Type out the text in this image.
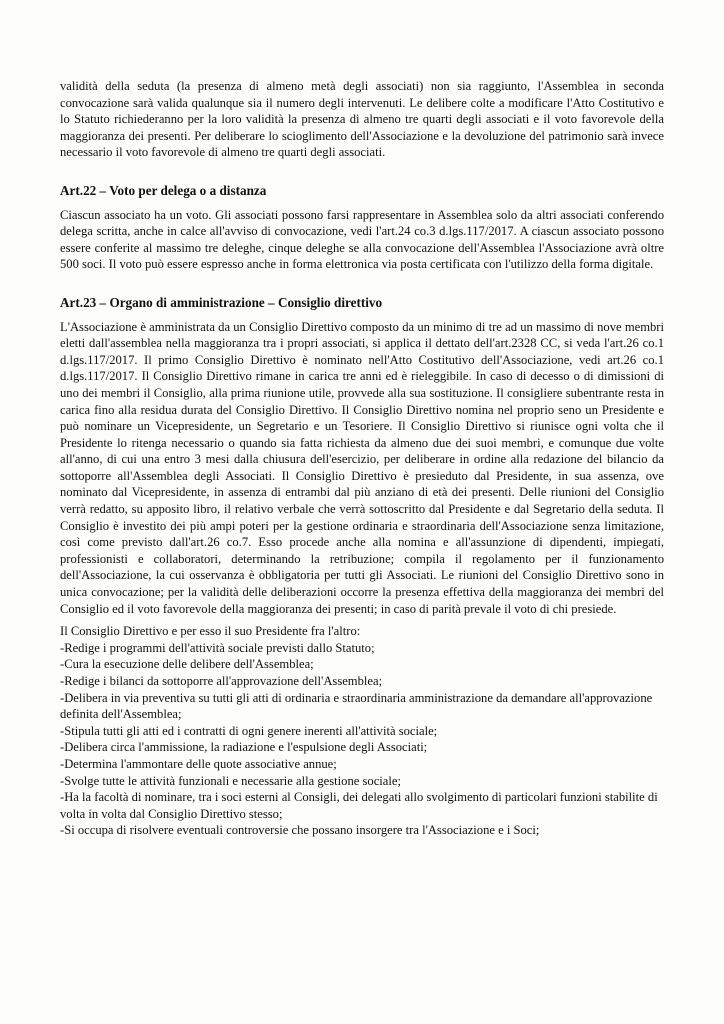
validità della seduta (la presenza di almeno metà degli associati) non sia raggiunto, l'Assemblea in seconda convocazione sarà valida qualunque sia il numero degli intervenuti. Le delibere colte a modificare l'Atto Costitutivo e lo Statuto richiederanno per la loro validità la presenza di almeno tre quarti degli associati e il voto favorevole della maggioranza dei presenti. Per deliberare lo scioglimento dell'Associazione e la devoluzione del patrimonio sarà invece necessario il voto favorevole di almeno tre quarti degli associati.

Art.22 – Voto per delega o a distanza

Ciascun associato ha un voto. Gli associati possono farsi rappresentare in Assemblea solo da altri associati conferendo delega scritta, anche in calce all'avviso di convocazione, vedi l'art.24 co.3 d.lgs.117/2017. A ciascun associato possono essere conferite al massimo tre deleghe, cinque deleghe se alla convocazione dell'Assemblea l'Associazione avrà oltre 500 soci. Il voto può essere espresso anche in forma elettronica via posta certificata con l'utilizzo della forma digitale.

Art.23 – Organo di amministrazione – Consiglio direttivo

L'Associazione è amministrata da un Consiglio Direttivo composto da un minimo di tre ad un massimo di nove membri eletti dall'assemblea nella maggioranza tra i propri associati, si applica il dettato dell'art.2328 CC, si veda l'art.26 co.1 d.lgs.117/2017. Il primo Consiglio Direttivo è nominato nell'Atto Costitutivo dell'Associazione, vedi art.26 co.1 d.lgs.117/2017. Il Consiglio Direttivo rimane in carica tre anni ed è rieleggibile. In caso di decesso o di dimissioni di uno dei membri il Consiglio, alla prima riunione utile, provvede alla sua sostituzione. Il consigliere subentrante resta in carica fino alla residua durata del Consiglio Direttivo. Il Consiglio Direttivo nomina nel proprio seno un Presidente e può nominare un Vicepresidente, un Segretario e un Tesoriere. Il Consiglio Direttivo si riunisce ogni volta che il Presidente lo ritenga necessario o quando sia fatta richiesta da almeno due dei suoi membri, e comunque due volte all'anno, di cui una entro 3 mesi dalla chiusura dell'esercizio, per deliberare in ordine alla redazione del bilancio da sottoporre all'Assemblea degli Associati. Il Consiglio Direttivo è presieduto dal Presidente, in sua assenza, ove nominato dal Vicepresidente, in assenza di entrambi dal più anziano di età dei presenti. Delle riunioni del Consiglio verrà redatto, su apposito libro, il relativo verbale che verrà sottoscritto dal Presidente e dal Segretario della seduta. Il Consiglio è investito dei più ampi poteri per la gestione ordinaria e straordinaria dell'Associazione senza limitazione, così come previsto dall'art.26 co.7. Esso procede anche alla nomina e all'assunzione di dipendenti, impiegati, professionisti e collaboratori, determinando la retribuzione; compila il regolamento per il funzionamento dell'Associazione, la cui osservanza è obbligatoria per tutti gli Associati. Le riunioni del Consiglio Direttivo sono in unica convocazione; per la validità delle deliberazioni occorre la presenza effettiva della maggioranza dei membri del Consiglio ed il voto favorevole della maggioranza dei presenti; in caso di parità prevale il voto di chi presiede.

Il Consiglio Direttivo e per esso il suo Presidente fra l'altro:

-Redige i programmi dell'attività sociale previsti dallo Statuto;
-Cura la esecuzione delle delibere dell'Assemblea;
-Redige i bilanci da sottoporre all'approvazione dell'Assemblea;
-Delibera in via preventiva su tutti gli atti di ordinaria e straordinaria amministrazione da demandare all'approvazione definita dell'Assemblea;
-Stipula tutti gli atti ed i contratti di ogni genere inerenti all'attività sociale;
-Delibera circa l'ammissione, la radiazione e l'espulsione degli Associati;
-Determina l'ammontare delle quote associative annue;
-Svolge tutte le attività funzionali e necessarie alla gestione sociale;
-Ha la facoltà di nominare, tra i soci esterni al Consigli, dei delegati allo svolgimento di particolari funzioni stabilite di volta in volta dal Consiglio Direttivo stesso;
-Si occupa di risolvere eventuali controversie che possano insorgere tra l'Associazione e i Soci;
